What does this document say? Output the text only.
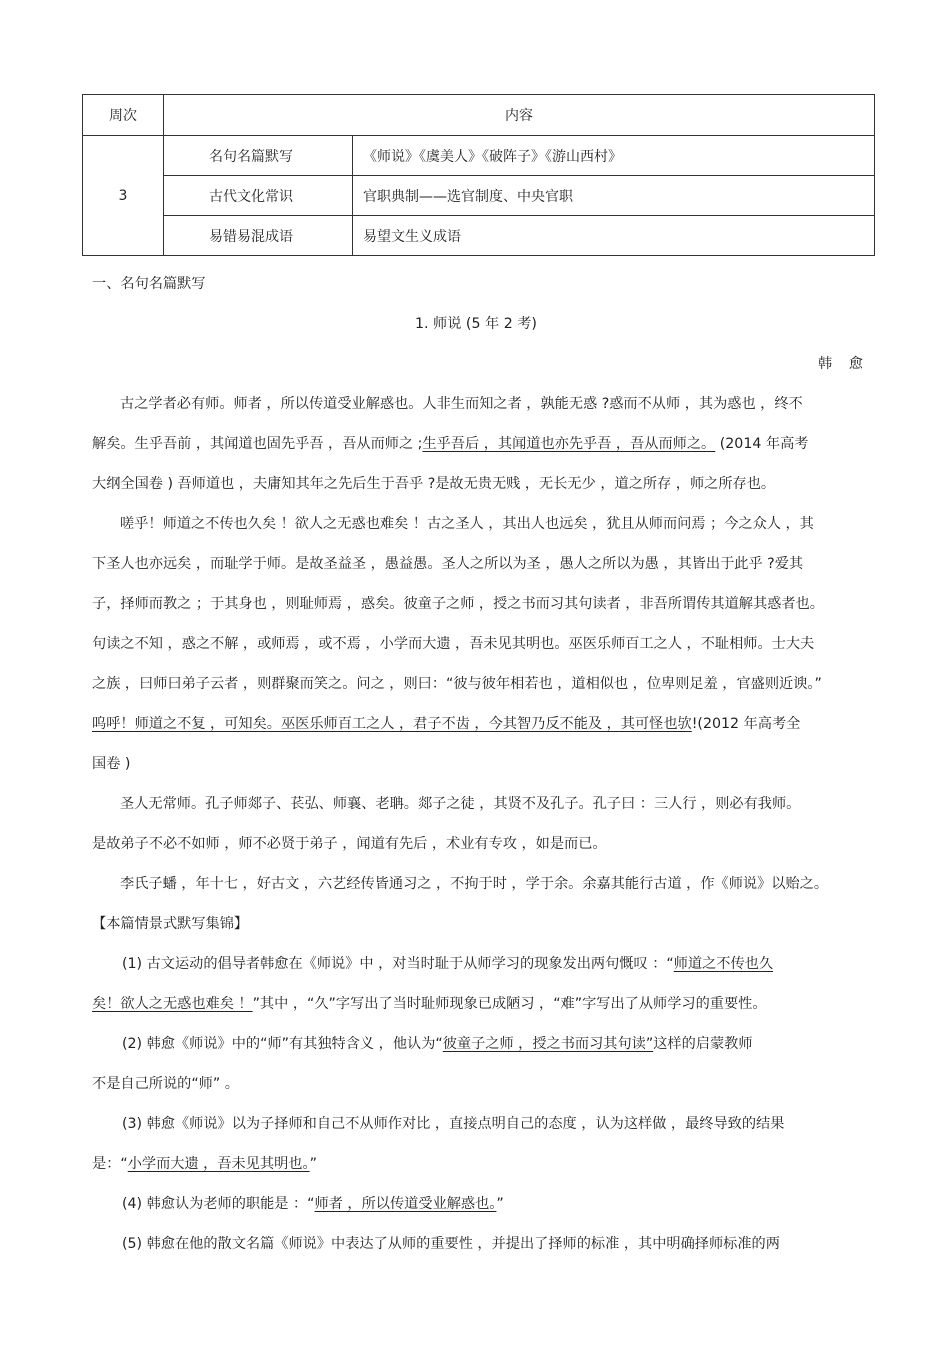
周次	内容	
3	名句名篇默写	《师说》《虞美人》《破阵子》《游山西村》
	古代文化常识	官职典制——选官制度、中央官职
	易错易混成语	易望文生义成语
一、名句名篇默写
1. 师说 (5 年 2 考)
韩 愈
古之学者必有师。师者 ，所以传道受业解惑也。人非生而知之者 ，孰能无惑 ?惑而不从师 ，其为惑也 ，终不
解矣。生乎吾前 ，其闻道也固先乎吾 ，吾从而师之 ;生乎吾后 ，其闻道也亦先乎吾 ，吾从而师之。 (2014 年高考
大纲全国卷 ) 吾师道也 ，夫庸知其年之先后生于吾乎 ?是故无贵无贱 ，无长无少 ，道之所存 ，师之所存也。
嗟乎！师道之不传也久矣 ！欲人之无惑也难矣 ！古之圣人 ，其出人也远矣 ，犹且从师而问焉 ；今之众人 ，其
下圣人也亦远矣 ，而耻学于师。是故圣益圣 ，愚益愚。圣人之所以为圣 ，愚人之所以为愚 ，其皆出于此乎 ?爱其
子，择师而教之 ；于其身也 ，则耻师焉 ，惑矣。彼童子之师 ，授之书而习其句读者 ，非吾所谓传其道解其惑者也。
句读之不知 ，惑之不解 ，或师焉 ，或不焉 ，小学而大遗 ，吾未见其明也。巫医乐师百工之人 ，不耻相师。士大夫
之族 ，曰师曰弟子云者 ，则群聚而笑之。问之 ，则曰：“彼与彼年相若也 ，道相似也 ，位卑则足羞 ，官盛则近谀。”
呜呼！师道之不复 ，可知矣。巫医乐师百工之人 ，君子不齿 ，今其智乃反不能及 ，其可怪也欤!(2012 年高考全
国卷 )
圣人无常师。孔子师郯子、苌弘、师襄、老聃。郯子之徒 ，其贤不及孔子。孔子曰 ：三人行 ，则必有我师。
是故弟子不必不如师 ，师不必贤于弟子 ，闻道有先后 ，术业有专攻 ，如是而已。
李氏子蟠 ，年十七 ，好古文 ，六艺经传皆通习之 ，不拘于时 ，学于余。余嘉其能行古道 ，作《师说》以贻之。
【本篇情景式默写集锦】
(1) 古文运动的倡导者韩愈在《师说》中 ，对当时耻于从师学习的现象发出两句慨叹 ：“师道之不传也久
矣！欲人之无惑也难矣 ！”其中 ，“久”字写出了当时耻师现象已成陋习 ，“难”字写出了从师学习的重要性。
(2) 韩愈《师说》中的“师”有其独特含义 ，他认为“彼童子之师 ，授之书而习其句读”这样的启蒙教师
不是自己所说的“师” 。
(3) 韩愈《师说》以为子择师和自己不从师作对比 ，直接点明自己的态度 ，认为这样做 ，最终导致的结果
是：“小学而大遗 ，吾未见其明也。”
(4) 韩愈认为老师的职能是 ：“师者 ，所以传道受业解惑也。”
(5) 韩愈在他的散文名篇《师说》中表达了从师的重要性 ，并提出了择师的标准 ，其中明确择师标准的两
